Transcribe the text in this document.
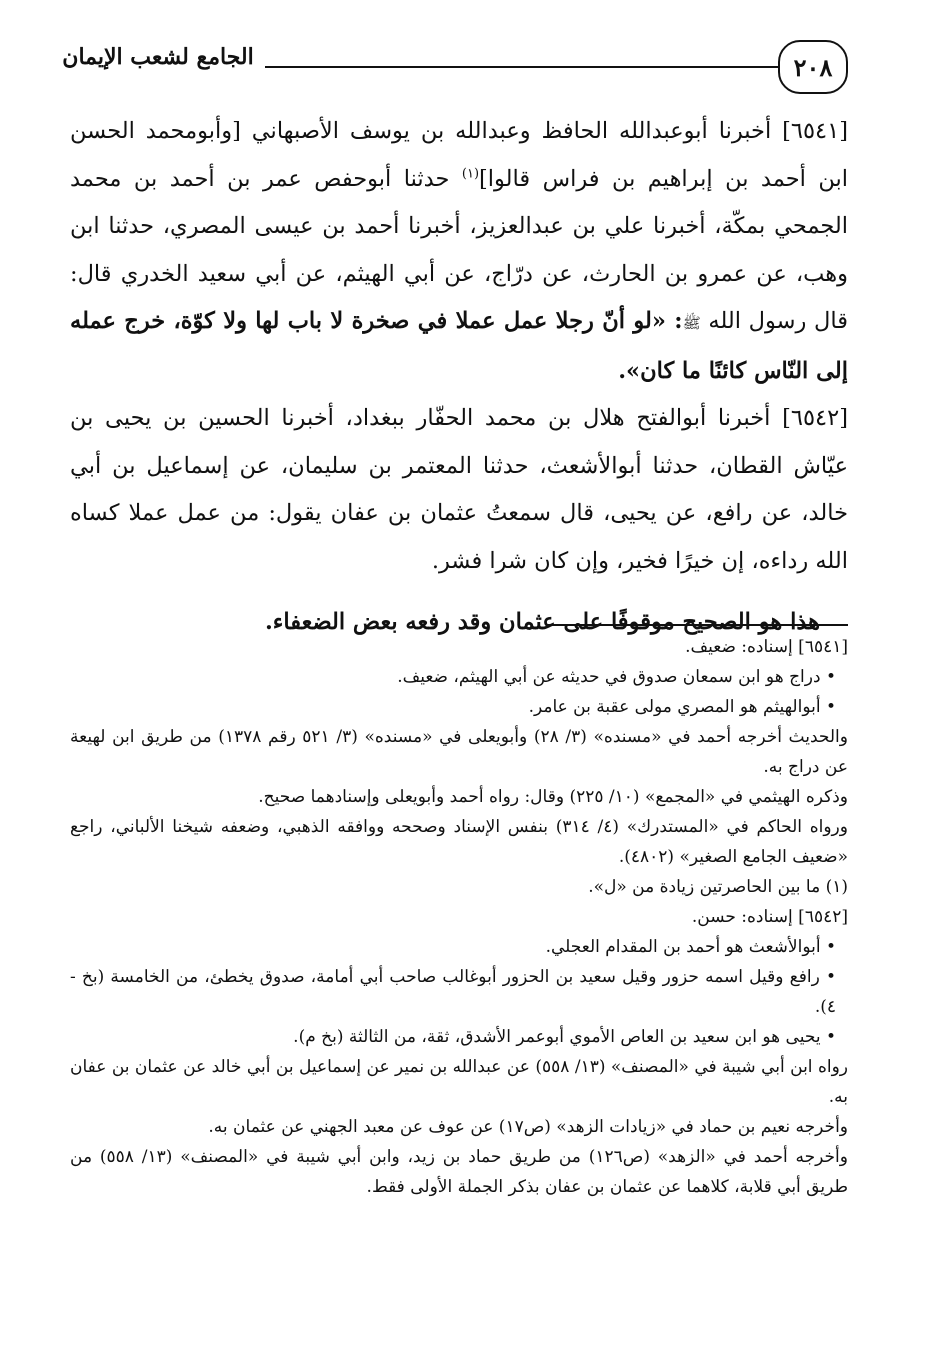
٢٠٨
الجامع لشعب الإيمان

[٦٥٤١] أخبرنا أبوعبدالله الحافظ وعبدالله بن يوسف الأصبهاني [وأبومحمد الحسن ابن أحمد بن إبراهيم بن فراس قالوا]$^{(١)}$ حدثنا أبوحفص عمر بن أحمد بن محمد الجمحي بمكّة، أخبرنا علي بن عبدالعزيز، أخبرنا أحمد بن عيسى المصري، حدثنا ابن وهب، عن عمرو بن الحارث، عن درّاج، عن أبي الهيثم، عن أبي سعيد الخدري قال: قال رسول الله ﷺ: «لو أنّ رجلا عمل عملا في صخرة لا باب لها ولا كوّة، خرج عمله إلى النّاس كائنًا ما كان».

[٦٥٤٢] أخبرنا أبوالفتح هلال بن محمد الحفّار ببغداد، أخبرنا الحسين بن يحيى بن عيّاش القطان، حدثنا أبوالأشعث، حدثنا المعتمر بن سليمان، عن إسماعيل بن أبي خالد، عن رافع، عن يحيى، قال سمعتُ عثمان بن عفان يقول: من عمل عملا كساه الله رداءه، إن خيرًا فخير، وإن كان شرا فشر.

هذا هو الصحيح موقوفًا على عثمان وقد رفعه بعض الضعفاء.

[٦٥٤١] إسناده: ضعيف.

• دراج هو ابن سمعان صدوق في حديثه عن أبي الهيثم، ضعيف.

• أبوالهيثم هو المصري مولى عقبة بن عامر.

والحديث أخرجه أحمد في «مسنده» (٣/ ٢٨) وأبويعلى في «مسنده» (٣/ ٥٢١ رقم ١٣٧٨) من طريق ابن لهيعة عن دراج به.

وذكره الهيثمي في «المجمع» (١٠/ ٢٢٥) وقال: رواه أحمد وأبويعلى وإسنادهما صحيح.

ورواه الحاكم في «المستدرك» (٤/ ٣١٤) بنفس الإسناد وصححه ووافقه الذهبي، وضعفه شيخنا الألباني، راجع «ضعيف الجامع الصغير» (٤٨٠٢).

(١) ما بين الحاصرتين زيادة من «ل».

[٦٥٤٢] إسناده: حسن.

• أبوالأشعث هو أحمد بن المقدام العجلي.

• رافع وقيل اسمه حزور وقيل سعيد بن الحزور أبوغالب صاحب أبي أمامة، صدوق يخطئ، من الخامسة (بخ - ٤).

• يحيى هو ابن سعيد بن العاص الأموي أبوعمر الأشدق، ثقة، من الثالثة (بخ م).

رواه ابن أبي شيبة في «المصنف» (١٣/ ٥٥٨) عن عبدالله بن نمير عن إسماعيل بن أبي خالد عن عثمان بن عفان به.

وأخرجه نعيم بن حماد في «زيادات الزهد» (ص١٧) عن عوف عن معبد الجهني عن عثمان به.

وأخرجه أحمد في «الزهد» (ص١٢٦) من طريق حماد بن زيد، وابن أبي شيبة في «المصنف» (١٣/ ٥٥٨) من طريق أبي قلابة، كلاهما عن عثمان بن عفان بذكر الجملة الأولى فقط.
